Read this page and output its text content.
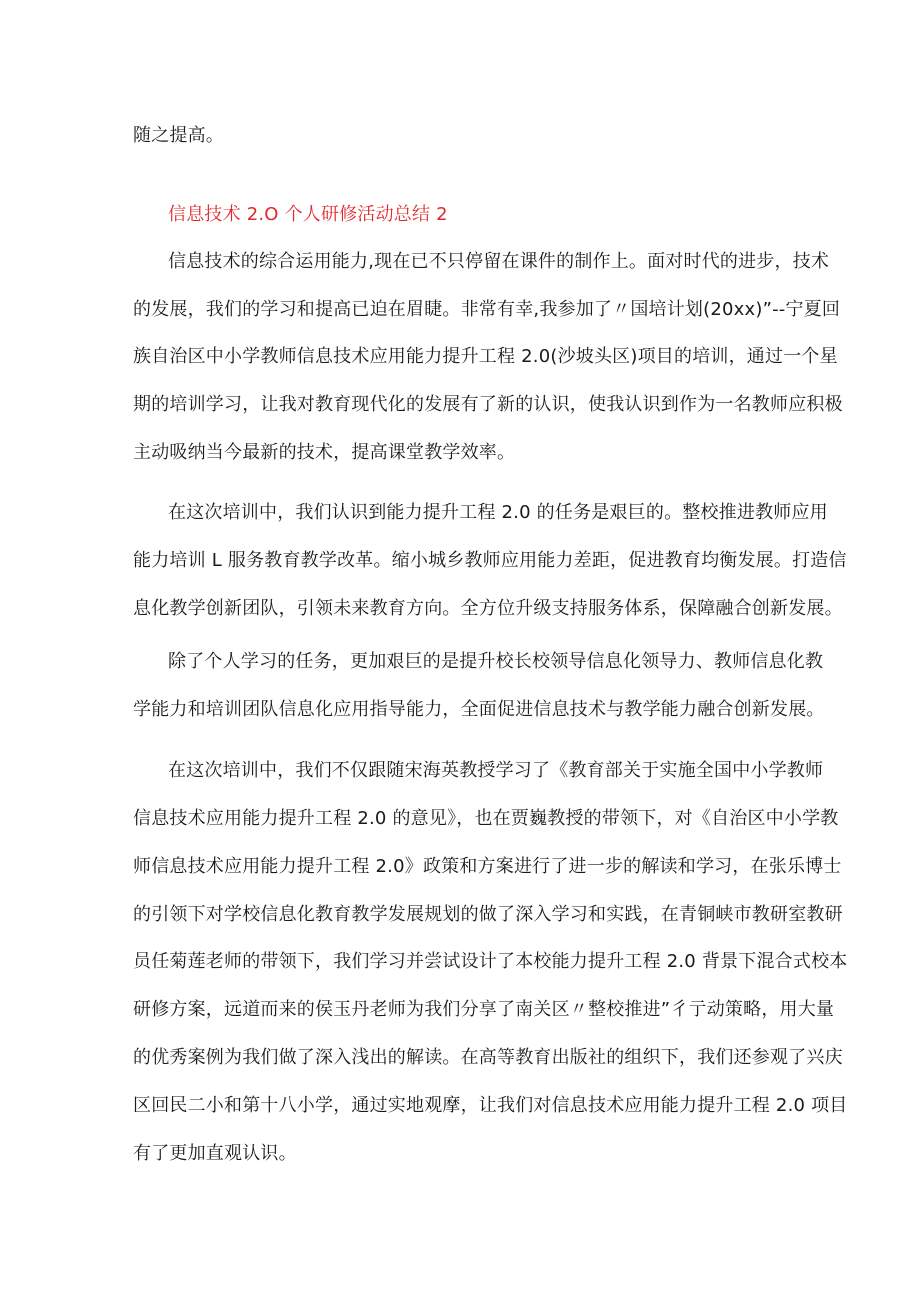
随之提高。
信息技术 2.O 个人研修活动总结 2
信息技术的综合运用能力,现在已不只停留在课件的制作上。面对时代的进步，技术
的发展，我们的学习和提高已迫在眉睫。非常有幸,我参加了〃国培计划(20xx)”--宁夏回
族自治区中小学教师信息技术应用能力提升工程 2.0(沙坡头区)项目的培训，通过一个星
期的培训学习，让我对教育现代化的发展有了新的认识，使我认识到作为一名教师应积极
主动吸纳当今最新的技术，提高课堂教学效率。
在这次培训中，我们认识到能力提升工程 2.0 的任务是艰巨的。整校推进教师应用
能力培训 L 服务教育教学改革。缩小城乡教师应用能力差距，促进教育均衡发展。打造信
息化教学创新团队，引领未来教育方向。全方位升级支持服务体系，保障融合创新发展。
除了个人学习的任务，更加艰巨的是提升校长校领导信息化领导力、教师信息化教
学能力和培训团队信息化应用指导能力，全面促进信息技术与教学能力融合创新发展。
在这次培训中，我们不仅跟随宋海英教授学习了《教育部关于实施全国中小学教师
信息技术应用能力提升工程 2.0 的意见》，也在贾巍教授的带领下，对《自治区中小学教
师信息技术应用能力提升工程 2.0》政策和方案进行了进一步的解读和学习，在张乐博士
的引领下对学校信息化教育教学发展规划的做了深入学习和实践，在青铜峡市教研室教研
员任菊莲老师的带领下，我们学习并尝试设计了本校能力提升工程 2.0 背景下混合式校本
研修方案，远道而来的侯玉丹老师为我们分享了南关区〃整校推进”彳亍动策略，用大量
的优秀案例为我们做了深入浅出的解读。在高等教育出版社的组织下，我们还参观了兴庆
区回民二小和第十八小学，通过实地观摩，让我们对信息技术应用能力提升工程 2.0 项目
有了更加直观认识。
